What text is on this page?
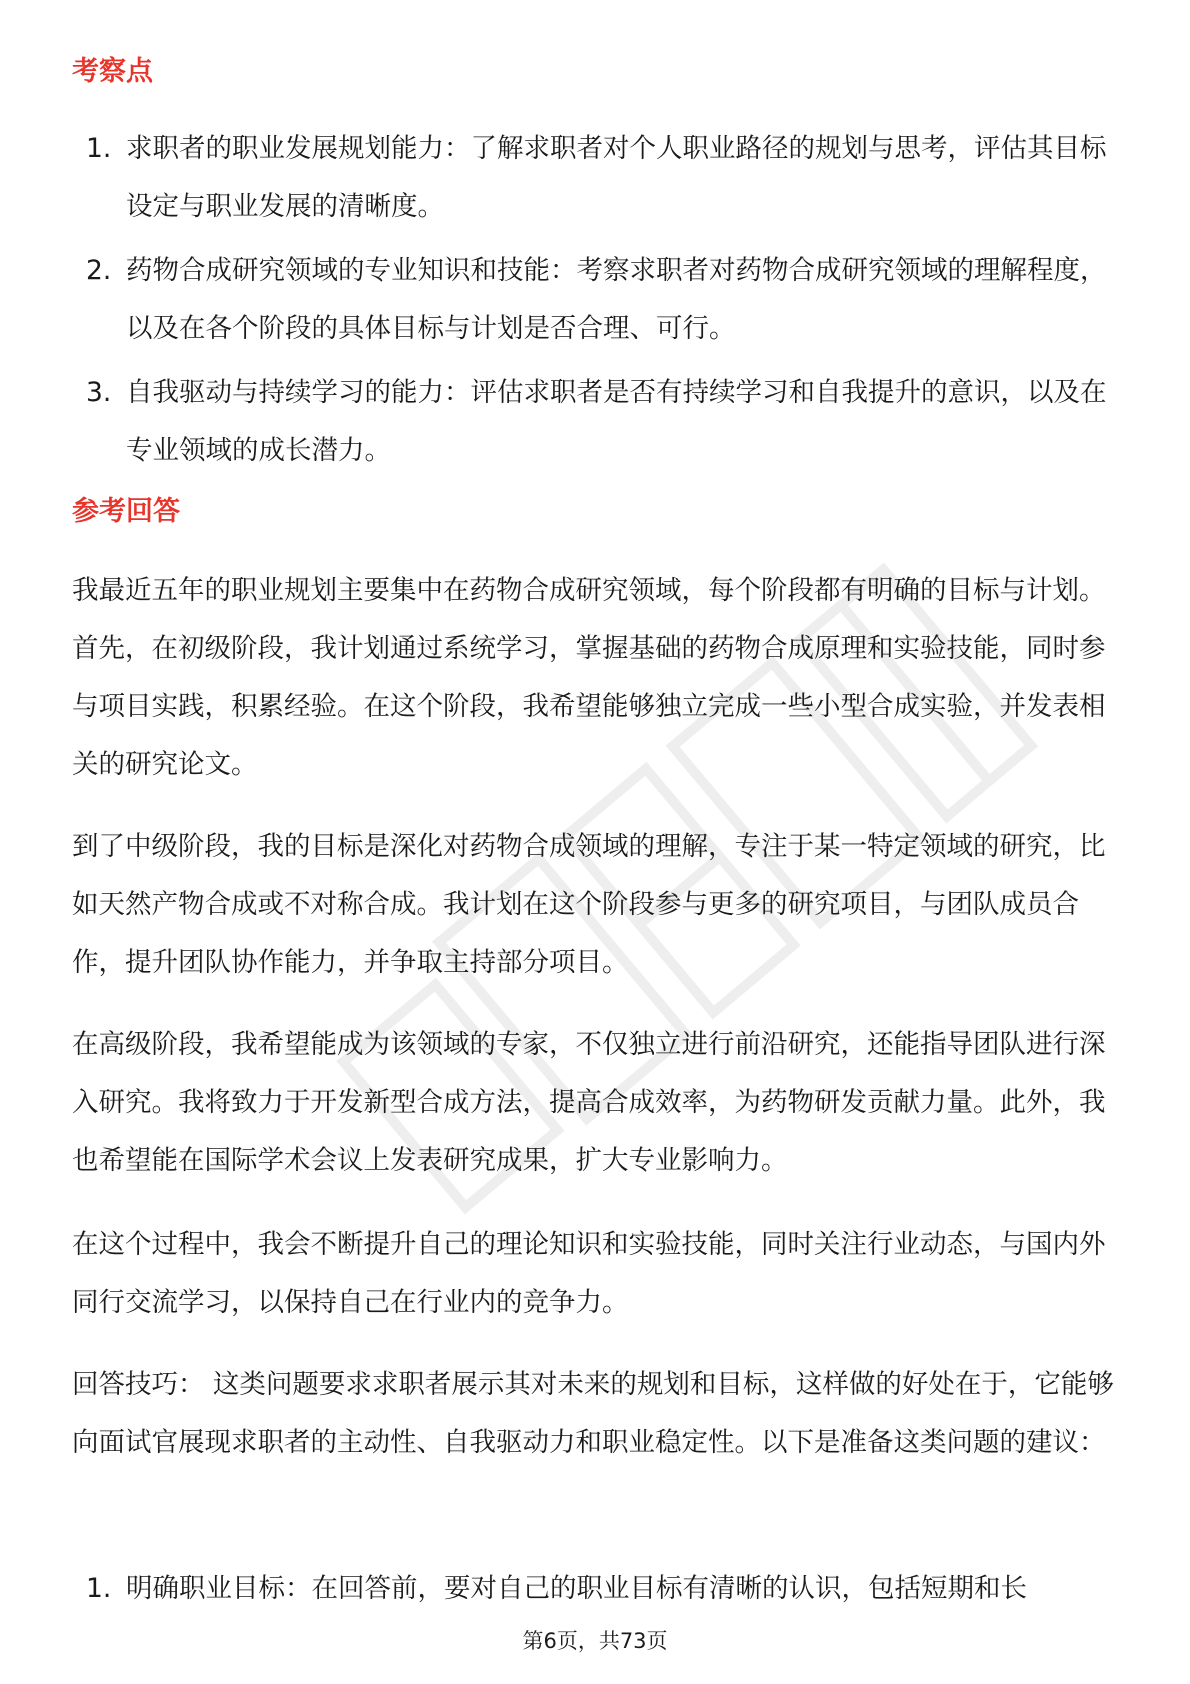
考察点
1. 求职者的职业发展规划能力：了解求职者对个人职业路径的规划与思考，评估其目标设定与职业发展的清晰度。
2. 药物合成研究领域的专业知识和技能：考察求职者对药物合成研究领域的理解程度，以及在各个阶段的具体目标与计划是否合理、可行。
3. 自我驱动与持续学习的能力：评估求职者是否有持续学习和自我提升的意识，以及在专业领域的成长潜力。
参考回答

我最近五年的职业规划主要集中在药物合成研究领域，每个阶段都有明确的目标与计划。首先，在初级阶段，我计划通过系统学习，掌握基础的药物合成原理和实验技能，同时参与项目实践，积累经验。在这个阶段，我希望能够独立完成一些小型合成实验，并发表相关的研究论文。

到了中级阶段，我的目标是深化对药物合成领域的理解，专注于某一特定领域的研究，比如天然产物合成或不对称合成。我计划在这个阶段参与更多的研究项目，与团队成员合作，提升团队协作能力，并争取主持部分项目。

在高级阶段，我希望能成为该领域的专家，不仅独立进行前沿研究，还能指导团队进行深入研究。我将致力于开发新型合成方法，提高合成效率，为药物研发贡献力量。此外，我也希望能在国际学术会议上发表研究成果，扩大专业影响力。

在这个过程中，我会不断提升自己的理论知识和实验技能，同时关注行业动态，与国内外同行交流学习，以保持自己在行业内的竞争力。

回答技巧： 这类问题要求求职者展示其对未来的规划和目标，这样做的好处在于，它能够向面试官展现求职者的主动性、自我驱动力和职业稳定性。以下是准备这类问题的建议：

1. 明确职业目标：在回答前，要对自己的职业目标有清晰的认识，包括短期和长
第6页，共73页
